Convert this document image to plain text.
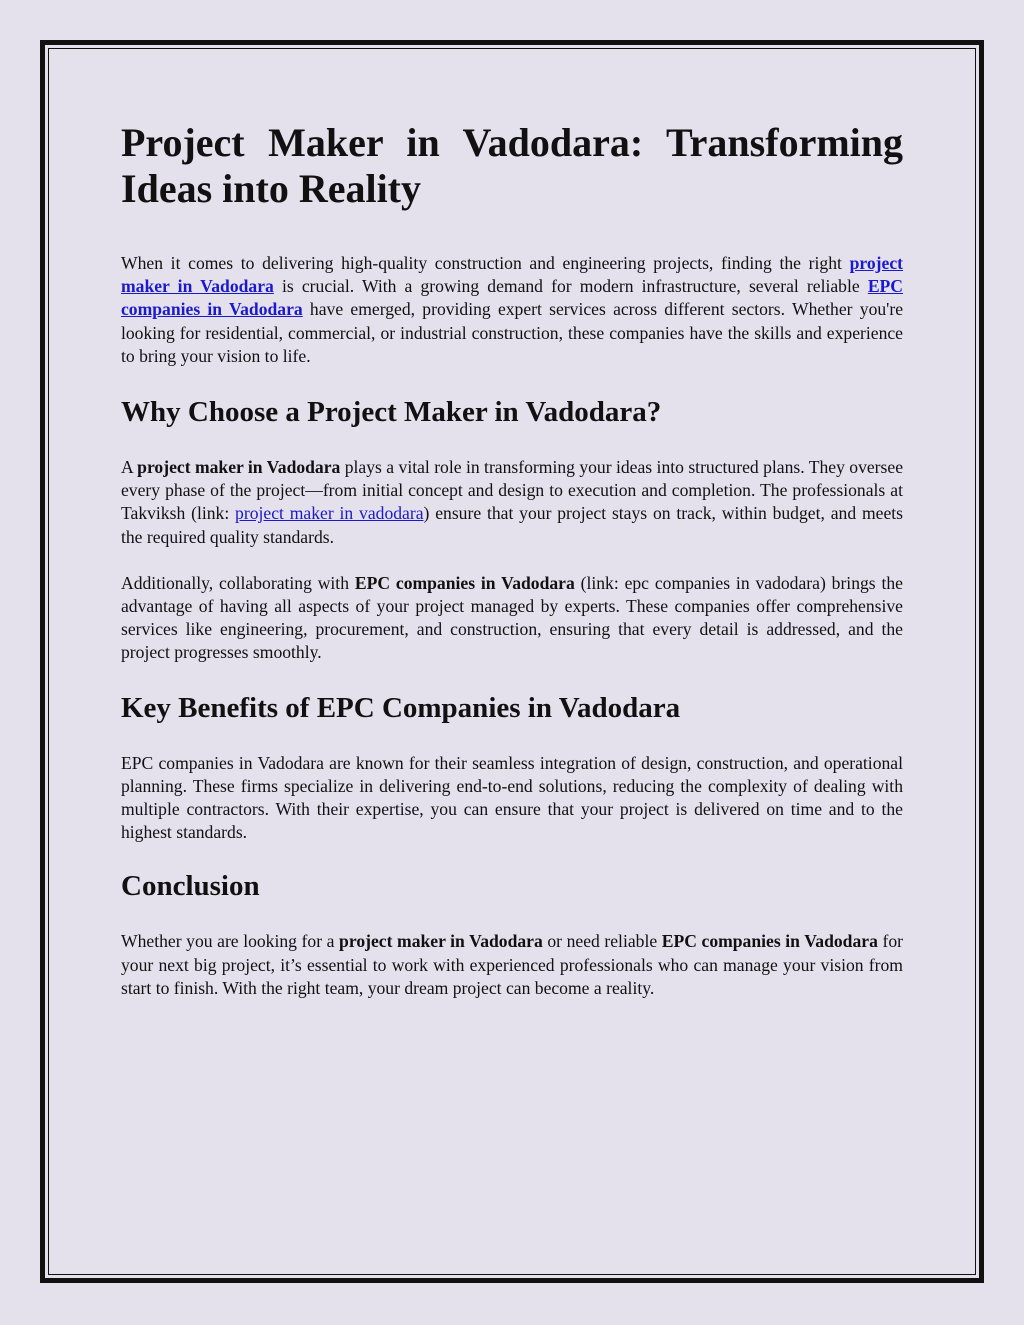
Project Maker in Vadodara: Transforming
Ideas into Reality

When it comes to delivering high-quality construction and engineering projects, finding the right project maker in Vadodara is crucial. With a growing demand for modern infrastructure, several reliable EPC companies in Vadodara have emerged, providing expert services across different sectors. Whether you're looking for residential, commercial, or industrial construction, these companies have the skills and experience to bring your vision to life.

Why Choose a Project Maker in Vadodara?

A project maker in Vadodara plays a vital role in transforming your ideas into structured plans. They oversee every phase of the project—from initial concept and design to execution and completion. The professionals at Takviksh (link: project maker in vadodara) ensure that your project stays on track, within budget, and meets the required quality standards.

Additionally, collaborating with EPC companies in Vadodara (link: epc companies in vadodara) brings the advantage of having all aspects of your project managed by experts. These companies offer comprehensive services like engineering, procurement, and construction, ensuring that every detail is addressed, and the project progresses smoothly.

Key Benefits of EPC Companies in Vadodara

EPC companies in Vadodara are known for their seamless integration of design, construction, and operational planning. These firms specialize in delivering end-to-end solutions, reducing the complexity of dealing with multiple contractors. With their expertise, you can ensure that your project is delivered on time and to the highest standards.

Conclusion

Whether you are looking for a project maker in Vadodara or need reliable EPC companies in Vadodara for your next big project, it’s essential to work with experienced professionals who can manage your vision from start to finish. With the right team, your dream project can become a reality.
